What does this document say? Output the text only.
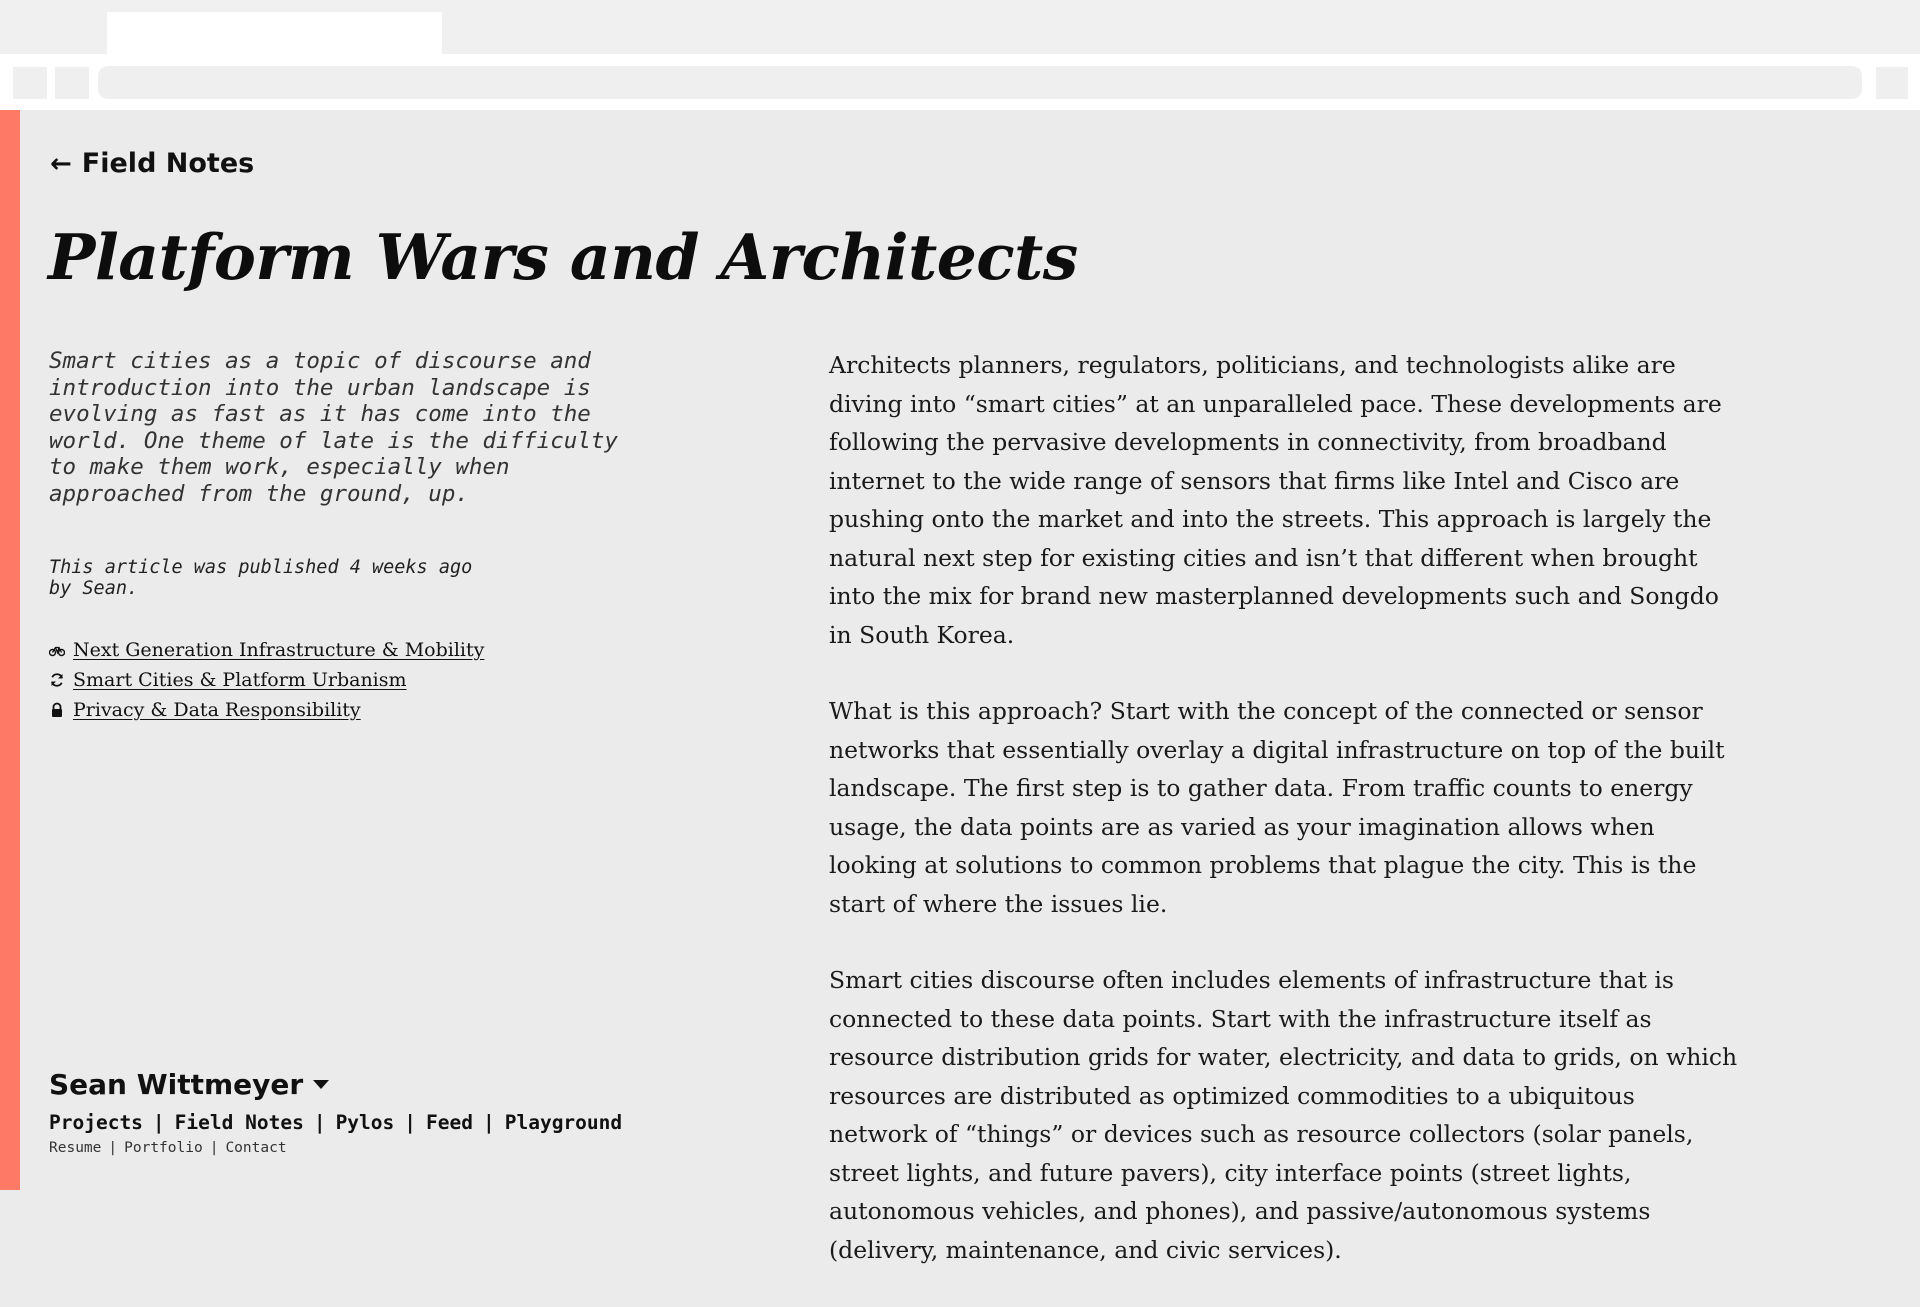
← Field Notes
Platform Wars and Architects

Smart cities as a topic of discourse and introduction into the urban landscape is evolving as fast as it has come into the world. One theme of late is the difficulty to make them work, especially when approached from the ground, up.

This article was published 4 weeks ago by Sean.

Next Generation Infrastructure & Mobility
Smart Cities & Platform Urbanism
Privacy & Data Responsibility

Architects planners, regulators, politicians, and technologists alike are diving into “smart cities” at an unparalleled pace. These developments are following the pervasive developments in connectivity, from broadband internet to the wide range of sensors that firms like Intel and Cisco are pushing onto the market and into the streets. This approach is largely the natural next step for existing cities and isn’t that different when brought into the mix for brand new masterplanned developments such and Songdo in South Korea.

What is this approach? Start with the concept of the connected or sensor networks that essentially overlay a digital infrastructure on top of the built landscape. The first step is to gather data. From traffic counts to energy usage, the data points are as varied as your imagination allows when looking at solutions to common problems that plague the city. This is the start of where the issues lie.

Smart cities discourse often includes elements of infrastructure that is connected to these data points. Start with the infrastructure itself as resource distribution grids for water, electricity, and data to grids, on which resources are distributed as optimized commodities to a ubiquitous network of “things” or devices such as resource collectors (solar panels, street lights, and future pavers), city interface points (street lights, autonomous vehicles, and phones), and passive/autonomous systems (delivery, maintenance, and civic services).

Sean Wittmeyer
Projects | Field Notes | Pylos | Feed | Playground
Resume | Portfolio | Contact
